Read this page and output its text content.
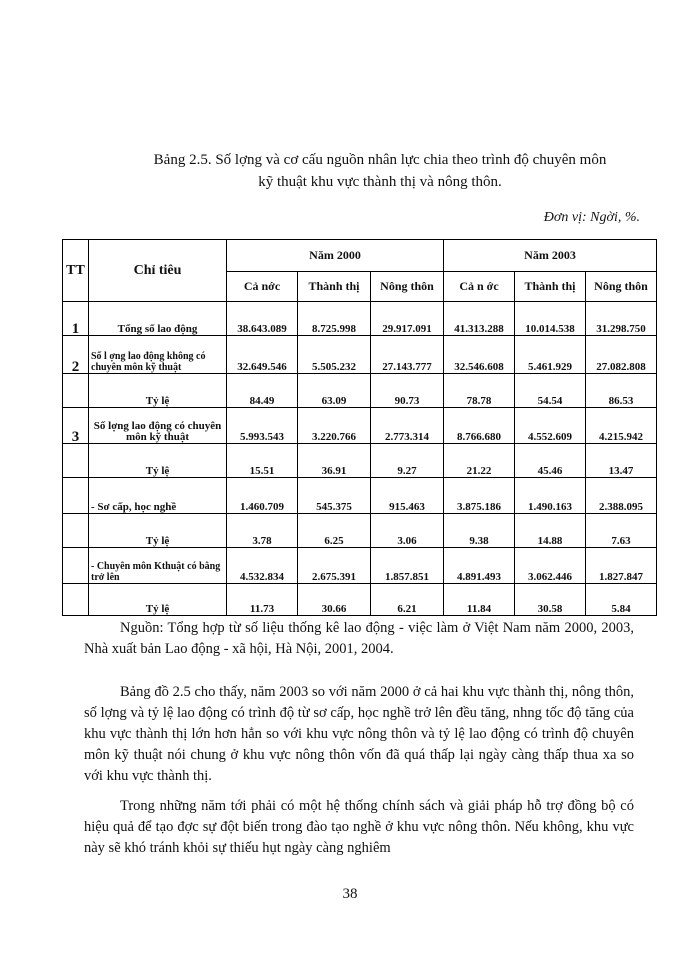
Bảng 2.5. Số lợng và cơ cấu nguồn nhân lực chia theo trình độ chuyên môn
kỹ thuật khu vực thành thị và nông thôn.
Đơn vị: Ngời, %.
TT	Chỉ tiêu	Năm 2000			Năm 2003		
		Cả nớc	Thành thị	Nông thôn	Cả n ớc	Thành thị	Nông thôn
1	Tổng số lao động	38.643.089	8.725.998	29.917.091	41.313.288	10.014.538	31.298.750
2	Số l ợng lao động không có chuyên môn kỹ thuật	32.649.546	5.505.232	27.143.777	32.546.608	5.461.929	27.082.808
	Tỷ lệ	84.49	63.09	90.73	78.78	54.54	86.53
3	Số lợng lao động có chuyên môn kỹ thuật	5.993.543	3.220.766	2.773.314	8.766.680	4.552.609	4.215.942
	Tỷ lệ	15.51	36.91	9.27	21.22	45.46	13.47
	- Sơ cấp, học nghề	1.460.709	545.375	915.463	3.875.186	1.490.163	2.388.095
	Tỷ lệ	3.78	6.25	3.06	9.38	14.88	7.63
	- Chuyên môn Kthuật có bằng trở lên	4.532.834	2.675.391	1.857.851	4.891.493	3.062.446	1.827.847
	Tỷ lệ	11.73	30.66	6.21	11.84	30.58	5.84
Nguồn: Tổng hợp từ số liệu thống kê lao động - việc làm ở Việt Nam năm 2000, 2003, Nhà xuất bản Lao động - xã hội, Hà Nội, 2001, 2004.
Bảng đồ 2.5 cho thấy, năm 2003 so với năm 2000 ở cả hai khu vực thành thị, nông thôn, số lợng và tỷ lệ lao động có trình độ từ sơ cấp, học nghề trở lên đều tăng, nhng tốc độ tăng của khu vực thành thị lớn hơn hẳn so với khu vực nông thôn và tỷ lệ lao động có trình độ chuyên môn kỹ thuật nói chung ở khu vực nông thôn vốn đã quá thấp lại ngày càng thấp thua xa so với khu vực thành thị.
Trong những năm tới phải có một hệ thống chính sách và giải pháp hỗ trợ đồng bộ có hiệu quả để tạo đợc sự đột biến trong đào tạo nghề ở khu vực nông thôn. Nếu không, khu vực này sẽ khó tránh khỏi sự thiếu hụt ngày càng nghiêm
38
